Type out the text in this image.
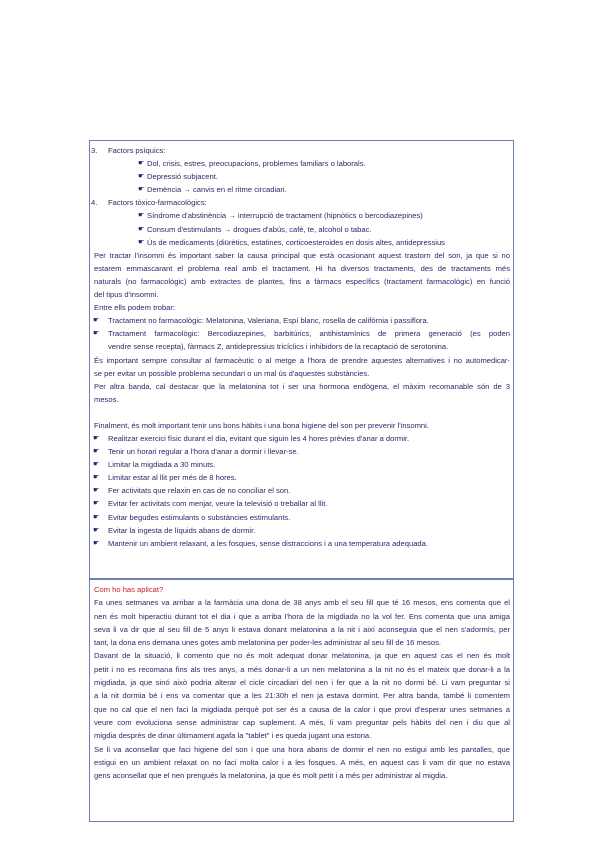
3. Factors psíquics:
☛ Dol, crisis, estres, preocupacions, problemes familiars o laborals.
☛ Depressió subjacent.
☛ Demència → canvis en el ritme circadiari.
4. Factors tòxico-farmacològics:
☛ Síndrome d'abstinència → interrupció de tractament (hipnòtics o bercodiazepines)
☛ Consum d'estimulants → drogues d'abús, cafè, te, alcohol o tabac.
☛ Ús de medicaments (diürètics, estatines, corticoesteroides en dosis altes, antidepressius
Per tractar l'insomni és important saber la causa principal que està ocasionant aquest trastorn del son, ja que si no
estarem emmascarant el problema real amb el tractament. Hi ha diversos tractaments, des de tractaments més
naturals (no farmacològic) amb extractes de plantes, fins a fàrmacs específics (tractament farmacològic) en funció
del tipus d'insomni.
Entre ells podem trobar:
☛	Tractament no farmacològic: Melatonina, Valeriana, Espí blanc, rosella de califòrnia i passiflora.
☛	Tractament farmacològic: Bercodiazepines, barbitúrics, antihistamínics de primera generació (es poden
vendre sense recepta), fàrmacs Z, antidepressius tricíclics i inhibidors de la recaptació de serotonina.
És important sempre consultar al farmacèutic o al metge a l'hora de prendre aquestes alternatives i no automedicar-
se per evitar un possible problema secundari o un mal ús d'aquestes substàncies.
Per altra banda, cal destacar que la melatonina tot i ser una hormona endògena, el màxim recomanable són de 3
mesos.
Finalment, és molt important tenir uns bons hàbits i una bona higiene del son per prevenir l'insomni.
☛	Realitzar exercici físic durant el dia, evitant que siguin les 4 hores prèvies d'anar a dormir.
☛	Tenir un horari regular a l'hora d'anar a dormir i llevar-se.
☛	Limitar la migdiada a 30 minuts.
☛	Limitar estar al llit per més de 8 hores.
☛	Fer activitats que relaxin en cas de no conciliar el son.
☛	Evitar fer activitats com menjar, veure la televisió o treballar al llit.
☛	Evitar begudes estimulants o substàncies estimulants.
☛	Evitar la ingesta de líquids abans de dormir.
☛	Mantenir un ambient relaxant, a les fosques, sense distraccions i a una temperatura adequada.
Com ho has aplicat?
Fa unes setmanes va arribar a la farmàcia una dona de 38 anys amb el seu fill que té 16 mesos, ens comenta que el
nen és molt hiperactiu durant tot el dia i que a arriba l'hora de la migdiada no la vol fer. Ens comenta que una amiga
seva li va dir que al seu fill de 5 anys li estava donant melatonina a la nit i així aconseguia que el nen s'adormís, per
tant, la dona ens demana unes gotes amb melatonina per poder-les administrar al seu fill de 16 mesos.
Davant de la situació, li comento que no és molt adequat donar melatonina, ja que en aquest cas el nen és molt
petit i no es recomana fins als tres anys, a més donar-li a un nen melatonina a la nit no és el mateix que donar-li a la
migdiada, ja que sinó això podria alterar el cicle circadiari del nen i fer que a la nit no dormi bé. Li vam preguntar si
a la nit dormia bé i ens va comentar que a les 21:30h el nen ja estava dormint. Per altra banda, també li comentem
que no cal que el nen faci la migdiada perquè pot ser és a causa de la calor i que provi d'esperar unes setmanes a
veure com evoluciona sense administrar cap suplement. A més, li vam preguntar pels hàbits del nen i diu que al
migdia desprès de dinar últimament agafa la "tablet" i es queda jugant una estona.
Se li va aconsellar que faci higiene del son i que una hora abans de dormir el nen no estigui amb les pantalles, que
estigui en un ambient relaxat on no faci molta calor i a les fosques. A més, en aquest cas li vam dir que no estava
gens aconsellat que el nen prengués la melatonina, ja que és molt petit i a més per administrar al migdia.
